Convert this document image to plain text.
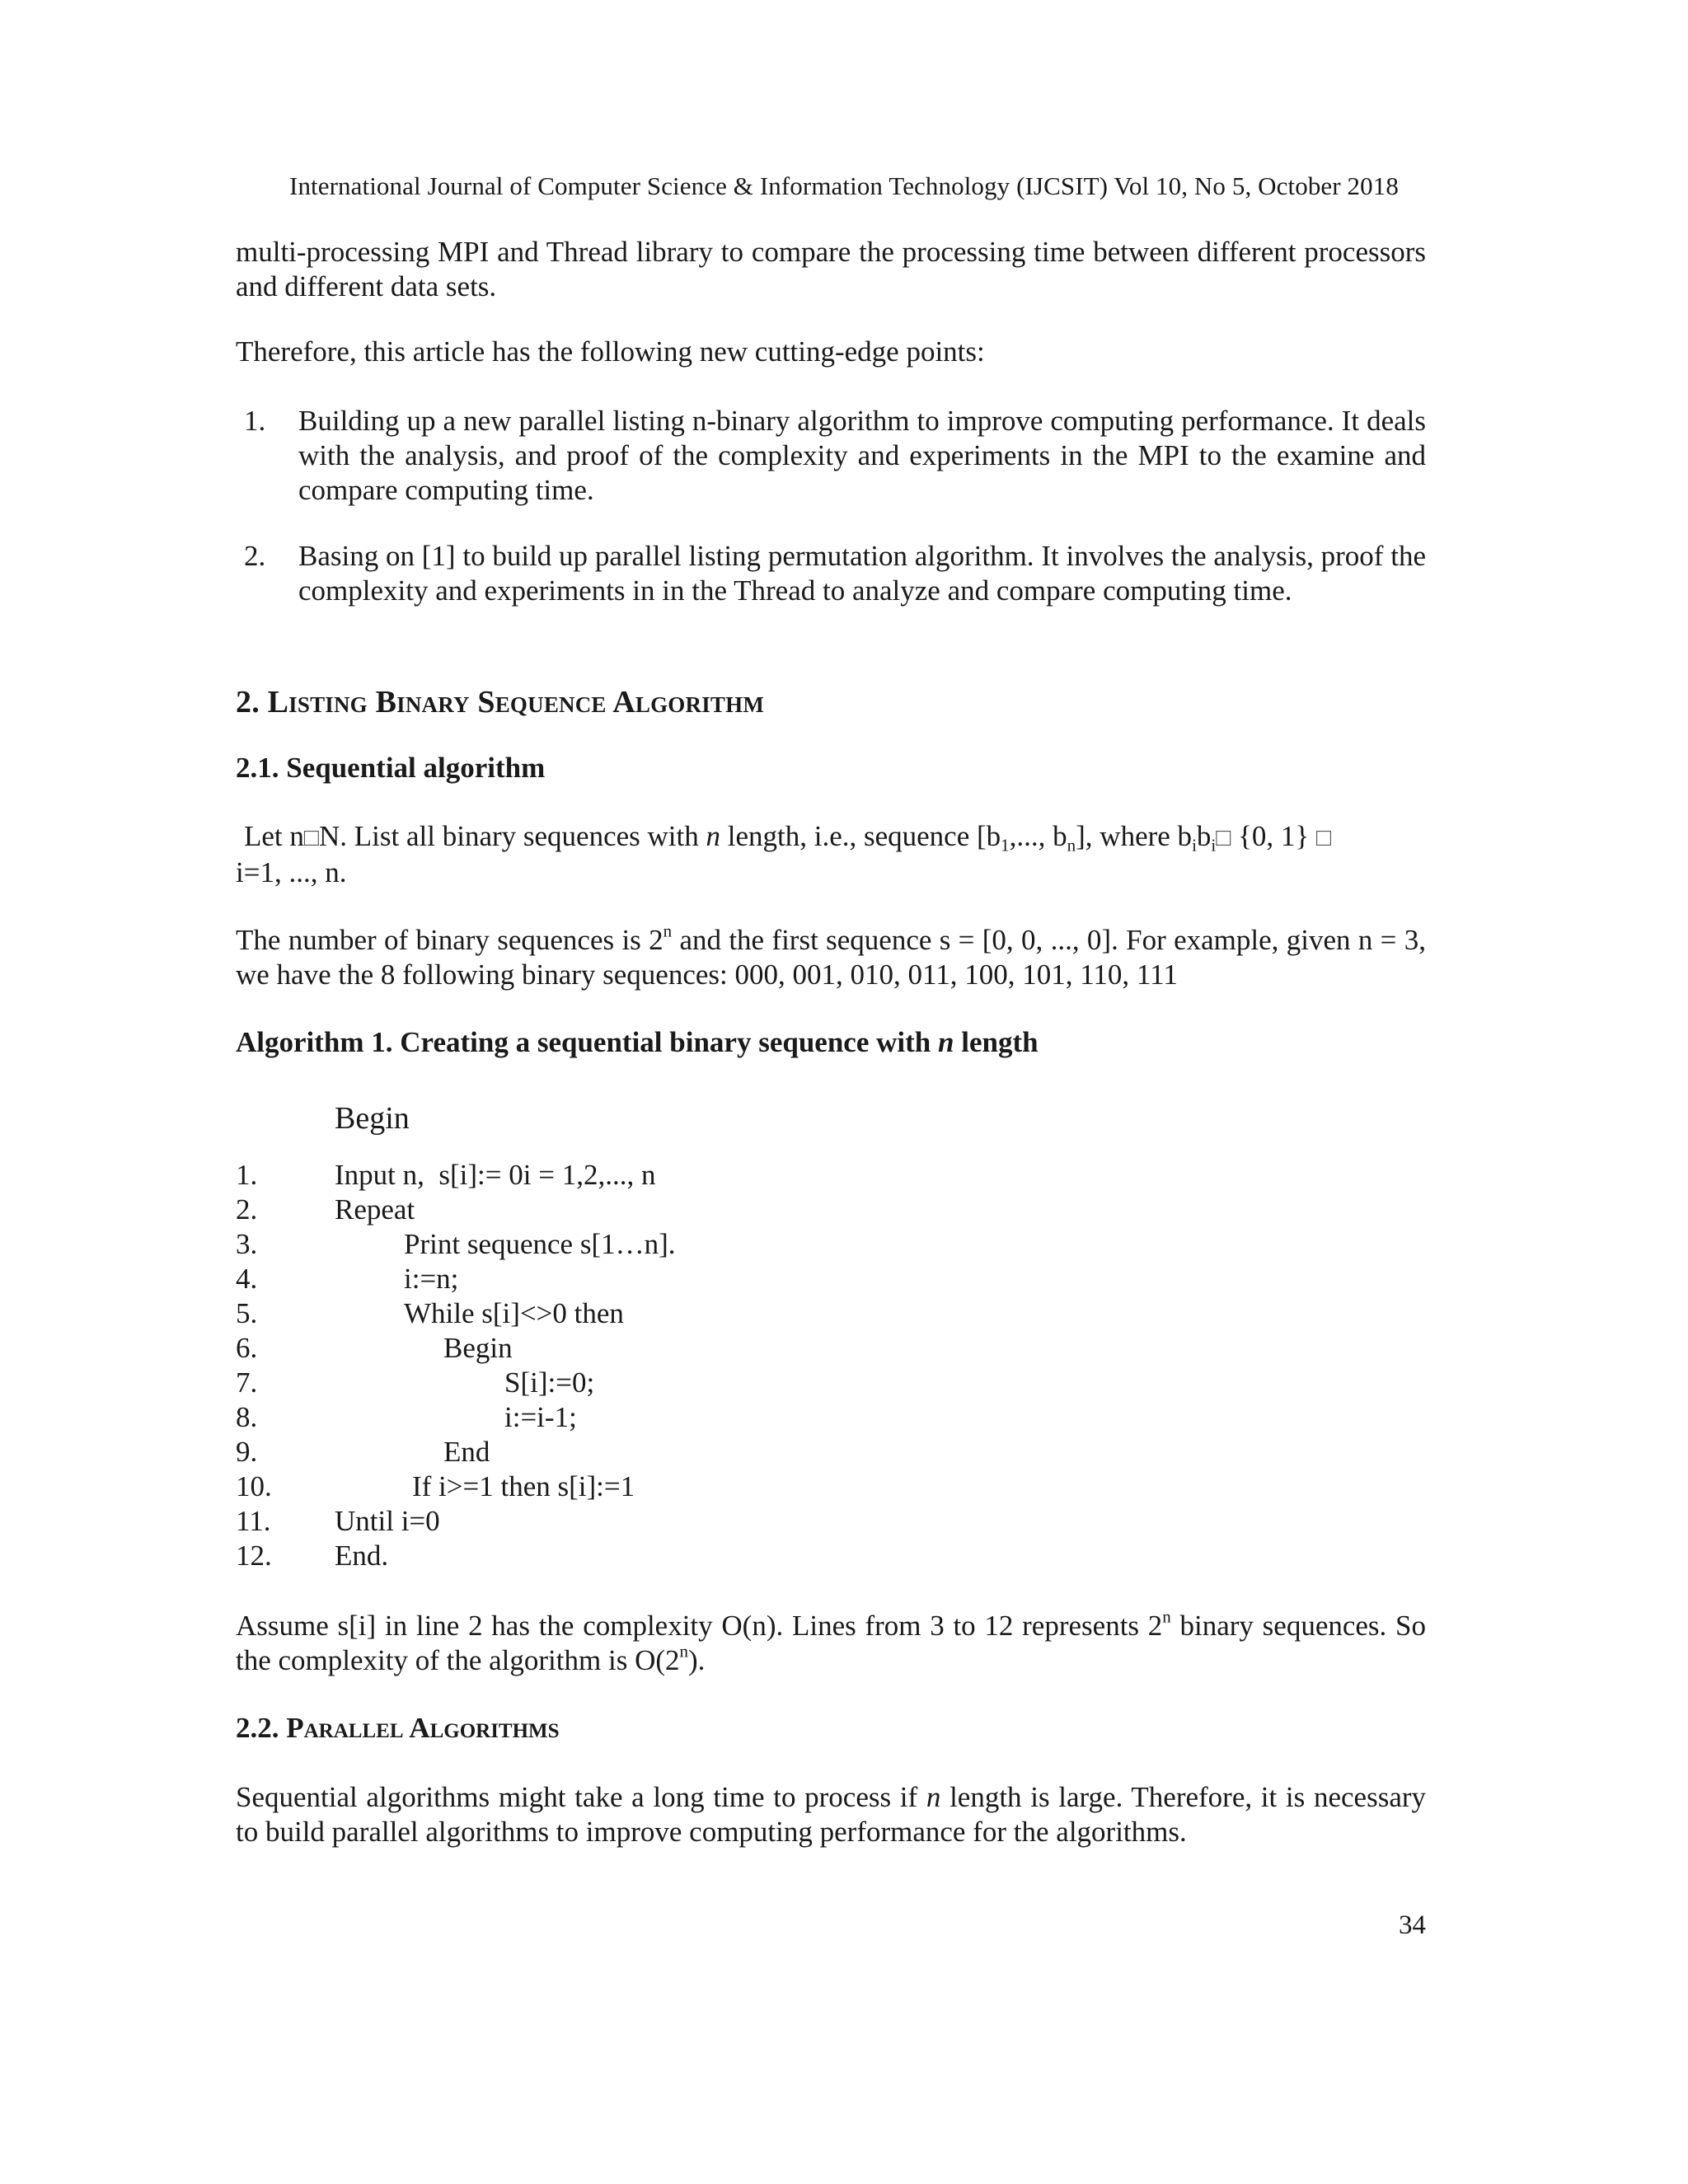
International Journal of Computer Science & Information Technology (IJCSIT) Vol 10, No 5, October 2018
multi-processing MPI and Thread library to compare the processing time between different processors and different data sets.
Therefore, this article has the following new cutting-edge points:
1. Building up a new parallel listing n-binary algorithm to improve computing performance. It deals with the analysis, and proof of the complexity and experiments in the MPI to the examine and compare computing time.
2. Basing on [1] to build up parallel listing permutation algorithm. It involves the analysis, proof the complexity and experiments in in the Thread to analyze and compare computing time.
2. Listing Binary Sequence Algorithm
2.1. Sequential algorithm
Let n□N. List all binary sequences with n length, i.e., sequence [$b_1$,..., $b_n$], where $b_ib_i□$ {0, 1} □
i=1, ..., n.
The number of binary sequences is 2$^n$ and the first sequence s = [0, 0, ..., 0]. For example, given n = 3, we have the 8 following binary sequences: 000, 001, 010, 011, 100, 101, 110, 111
Algorithm 1. Creating a sequential binary sequence with n length
Begin
1.	Input n,  s[i]:= 0i = 1,2,..., n
2.	Repeat
3.	Print sequence s[1…n].
4.	i:=n;
5.	While s[i]<>0 then
6.	Begin
7.	S[i]:=0;
8.	i:=i-1;
9.	End
10.	If i>=1 then s[i]:=1
11. Until i=0
12. End.
Assume s[i] in line 2 has the complexity O(n). Lines from 3 to 12 represents 2$^n$ binary sequences. So the complexity of the algorithm is O(2$^n$).
2.2. Parallel Algorithms
Sequential algorithms might take a long time to process if n length is large. Therefore, it is necessary to build parallel algorithms to improve computing performance for the algorithms.
34
